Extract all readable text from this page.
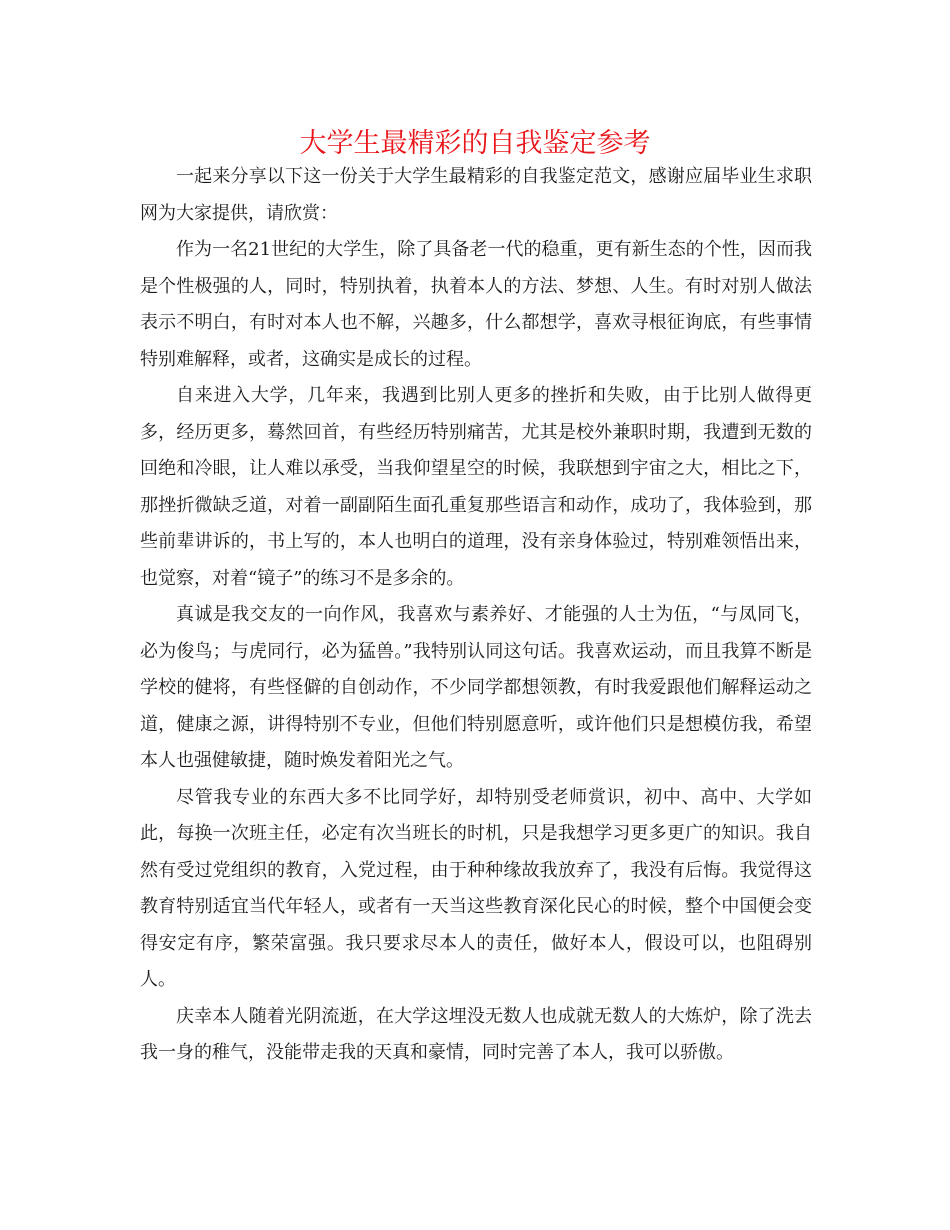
大学生最精彩的自我鉴定参考

一起来分享以下这一份关于大学生最精彩的自我鉴定范文，感谢应届毕业生求职网为大家提供，请欣赏：

作为一名21世纪的大学生，除了具备老一代的稳重，更有新生态的个性，因而我是个性极强的人，同时，特别执着，执着本人的方法、梦想、人生。有时对别人做法表示不明白，有时对本人也不解，兴趣多，什么都想学，喜欢寻根征询底，有些事情特别难解释，或者，这确实是成长的过程。

自来进入大学，几年来，我遇到比别人更多的挫折和失败，由于比别人做得更多，经历更多，蓦然回首，有些经历特别痛苦，尤其是校外兼职时期，我遭到无数的回绝和冷眼，让人难以承受，当我仰望星空的时候，我联想到宇宙之大，相比之下，那挫折微缺乏道，对着一副副陌生面孔重复那些语言和动作，成功了，我体验到，那些前辈讲诉的，书上写的，本人也明白的道理，没有亲身体验过，特别难领悟出来，也觉察，对着“镜子”的练习不是多余的。

真诚是我交友的一向作风，我喜欢与素养好、才能强的人士为伍，“与凤同飞，必为俊鸟；与虎同行，必为猛兽。”我特别认同这句话。我喜欢运动，而且我算不断是学校的健将，有些怪僻的自创动作，不少同学都想领教，有时我爱跟他们解释运动之道，健康之源，讲得特别不专业，但他们特别愿意听，或许他们只是想模仿我，希望本人也强健敏捷，随时焕发着阳光之气。

尽管我专业的东西大多不比同学好，却特别受老师赏识，初中、高中、大学如此，每换一次班主任，必定有次当班长的时机，只是我想学习更多更广的知识。我自然有受过党组织的教育，入党过程，由于种种缘故我放弃了，我没有后悔。我觉得这教育特别适宜当代年轻人，或者有一天当这些教育深化民心的时候，整个中国便会变得安定有序，繁荣富强。我只要求尽本人的责任，做好本人，假设可以，也阻碍别人。

庆幸本人随着光阴流逝，在大学这埋没无数人也成就无数人的大炼炉，除了洗去我一身的稚气，没能带走我的天真和豪情，同时完善了本人，我可以骄傲。
